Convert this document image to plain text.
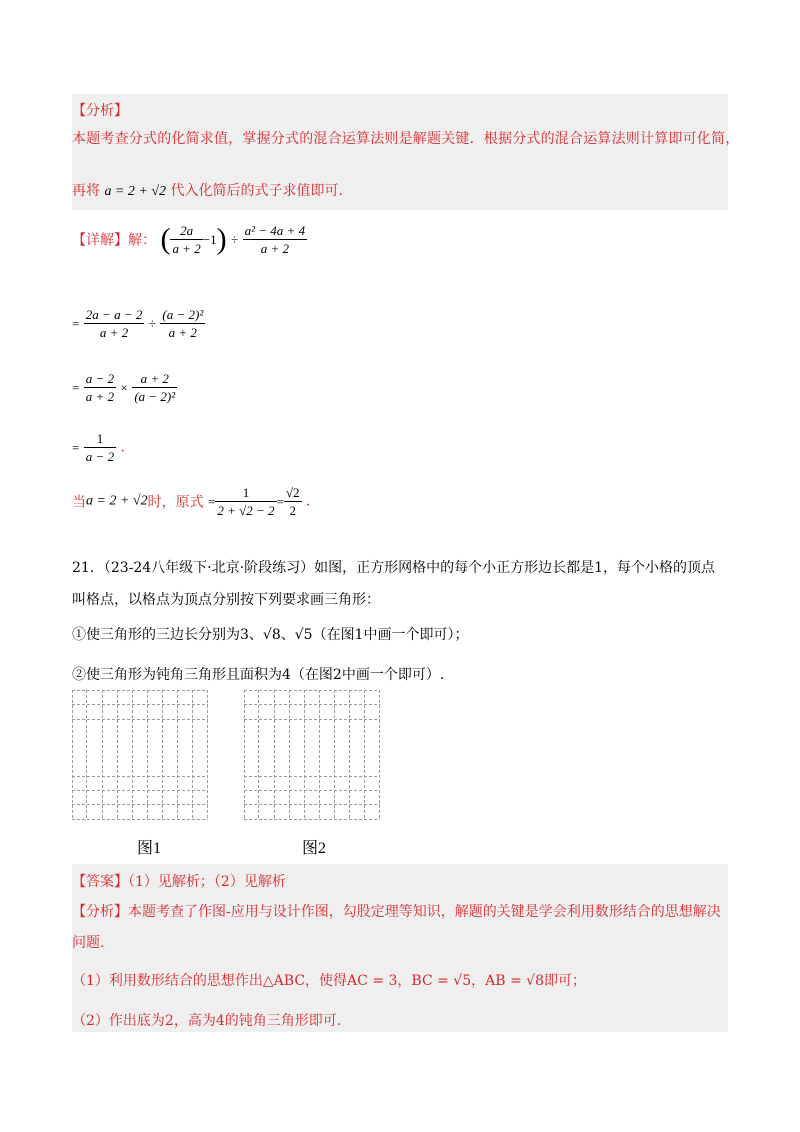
【分析】
本题考查分式的化简求值，掌握分式的混合运算法则是解题关键．根据分式的混合运算法则计算即可化简，
再将 a = 2 + √2 代入化简后的式子求值即可.
【详解】解： ( $\frac{2a}{a + 2} -1) \div \frac{\text{a² − 4a + 4}}{a + 2}$
= $\frac{2a - a - 2}{a + 2} \div \frac{\text{(a − 2)²}}{a + 2}$
= $\frac{a - 2}{a + 2} \times \frac{a + 2}{\text{(a − 2)²}}$
= $\frac{1}{a - 2}$ .
当a = 2 + √2时，原式 = $\frac{1}{2 + √2 - 2} = \frac{√2}{2}$ .
21．（23-24八年级下·北京·阶段练习）如图，正方形网格中的每个小正方形边长都是1，每个小格的顶点
叫格点，以格点为顶点分别按下列要求画三角形：
①使三角形的三边长分别为3、√8、√5（在图1中画一个即可）；
②使三角形为钝角三角形且面积为4（在图2中画一个即可）.
图1	图2
【答案】（1）见解析；（2）见解析
【分析】本题考查了作图-应用与设计作图，勾股定理等知识，解题的关键是学会利用数形结合的思想解决
问题.
（1）利用数形结合的思想作出△ABC，使得AC = 3，BC = √5，AB = √8即可；
（2）作出底为2，高为4的钝角三角形即可.
